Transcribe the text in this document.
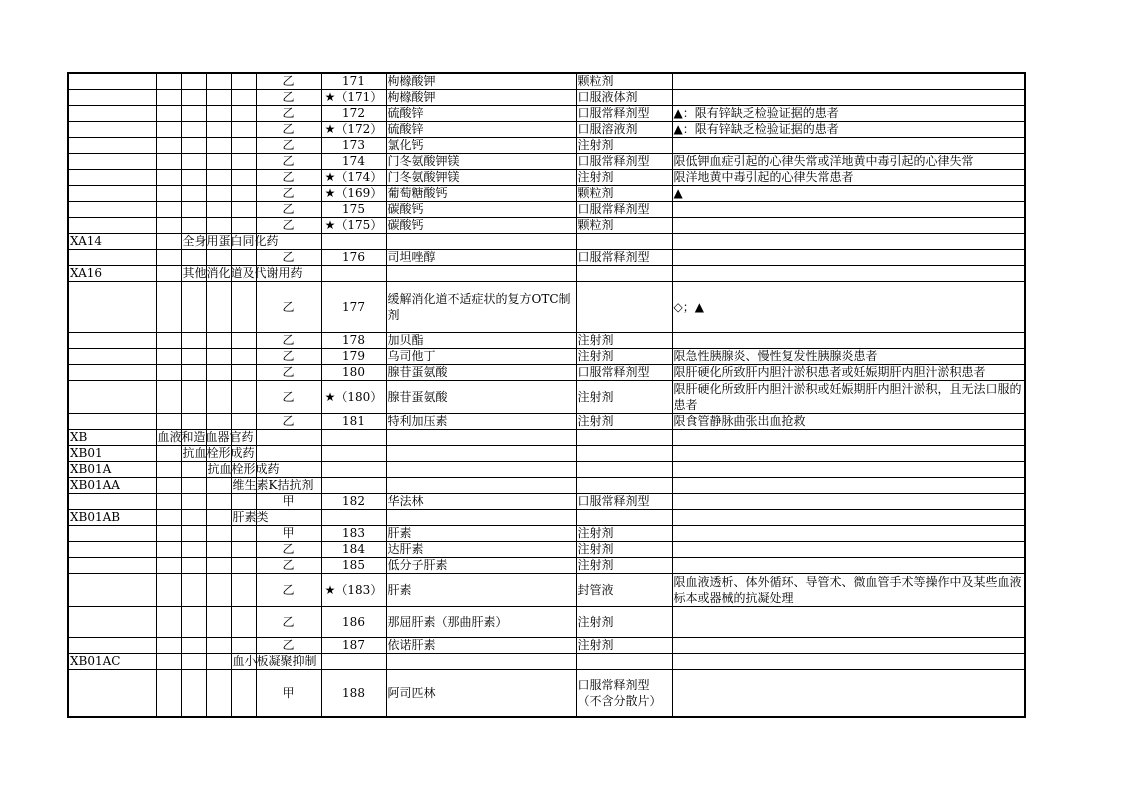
					乙	171	枸橼酸钾	颗粒剂	
					乙	★（171）	枸橼酸钾	口服液体剂	
					乙	172	硫酸锌	口服常释剂型	▲：限有锌缺乏检验证据的患者
					乙	★（172）	硫酸锌	口服溶液剂	▲：限有锌缺乏检验证据的患者
					乙	173	氯化钙	注射剂	
					乙	174	门冬氨酸钾镁	口服常释剂型	限低钾血症引起的心律失常或洋地黄中毒引起的心律失常
					乙	★（174）	门冬氨酸钾镁	注射剂	限洋地黄中毒引起的心律失常患者
					乙	★（169）	葡萄糖酸钙	颗粒剂	▲
					乙	175	碳酸钙	口服常释剂型	
					乙	★（175）	碳酸钙	颗粒剂	
XA14		全身用蛋白同化药							

					乙	176	司坦唑醇	口服常释剂型	
XA16		其他消化道及代谢用药							

					乙	177	缓解消化道不适症状的复方OTC制剂		◇；▲
					乙	178	加贝酯	注射剂	
					乙	179	乌司他丁	注射剂	限急性胰腺炎、慢性复发性胰腺炎患者
					乙	180	腺苷蛋氨酸	口服常释剂型	限肝硬化所致肝内胆汁淤积患者或妊娠期肝内胆汁淤积患者
					乙	★（180）	腺苷蛋氨酸	注射剂	限肝硬化所致肝内胆汁淤积或妊娠期肝内胆汁淤积，且无法口服的患者
					乙	181	特利加压素	注射剂	限食管静脉曲张出血抢救
XB	血液和造血器官药								

XB01		抗血栓形成药							

XB01A			抗血栓形成药						

XB01AA				维生素K拮抗剂					

					甲	182	华法林	口服常释剂型	
XB01AB				肝素类					

					甲	183	肝素	注射剂	
					乙	184	达肝素	注射剂	
					乙	185	低分子肝素	注射剂	
					乙	★（183）	肝素	封管液	限血液透析、体外循环、导管术、微血管手术等操作中及某些血液标本或器械的抗凝处理
					乙	186	那屈肝素（那曲肝素）	注射剂	
					乙	187	依诺肝素	注射剂	
XB01AC				血小板凝聚抑制					

					甲	188	阿司匹林	口服常释剂型（不含分散片）	
